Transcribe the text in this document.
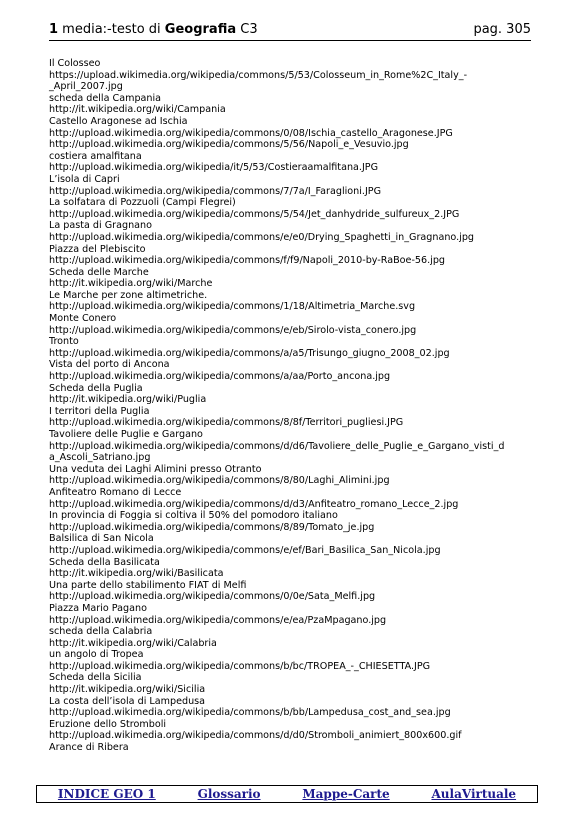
1 media:-testo di Geografia C3	pag. 305
Il Colosseo
https://upload.wikimedia.org/wikipedia/commons/5/53/Colosseum_in_Rome%2C_Italy_-
_April_2007.jpg
scheda della Campania
http://it.wikipedia.org/wiki/Campania
Castello Aragonese ad Ischia
http://upload.wikimedia.org/wikipedia/commons/0/08/Ischia_castello_Aragonese.JPG
http://upload.wikimedia.org/wikipedia/commons/5/56/Napoli_e_Vesuvio.jpg
costiera amalfitana
http://upload.wikimedia.org/wikipedia/it/5/53/Costieraamalfitana.JPG
L’isola di Capri
http://upload.wikimedia.org/wikipedia/commons/7/7a/I_Faraglioni.JPG
La solfatara di Pozzuoli (Campi Flegrei)
http://upload.wikimedia.org/wikipedia/commons/5/54/Jet_danhydride_sulfureux_2.JPG
La pasta di Gragnano
http://upload.wikimedia.org/wikipedia/commons/e/e0/Drying_Spaghetti_in_Gragnano.jpg
Piazza del Plebiscito
http://upload.wikimedia.org/wikipedia/commons/f/f9/Napoli_2010-by-RaBoe-56.jpg
Scheda delle Marche
http://it.wikipedia.org/wiki/Marche
Le Marche per zone altimetriche.
http://upload.wikimedia.org/wikipedia/commons/1/18/Altimetria_Marche.svg
Monte Conero
http://upload.wikimedia.org/wikipedia/commons/e/eb/Sirolo-vista_conero.jpg
Tronto
http://upload.wikimedia.org/wikipedia/commons/a/a5/Trisungo_giugno_2008_02.jpg
Vista del porto di Ancona
http://upload.wikimedia.org/wikipedia/commons/a/aa/Porto_ancona.jpg
Scheda della Puglia
http://it.wikipedia.org/wiki/Puglia
I territori della Puglia
http://upload.wikimedia.org/wikipedia/commons/8/8f/Territori_pugliesi.JPG
Tavoliere delle Puglie e Gargano
http://upload.wikimedia.org/wikipedia/commons/d/d6/Tavoliere_delle_Puglie_e_Gargano_visti_d
a_Ascoli_Satriano.jpg
Una veduta dei Laghi Alimini presso Otranto
http://upload.wikimedia.org/wikipedia/commons/8/80/Laghi_Alimini.jpg
Anfiteatro Romano di Lecce
http://upload.wikimedia.org/wikipedia/commons/d/d3/Anfiteatro_romano_Lecce_2.jpg
In provincia di Foggia si coltiva il 50% del pomodoro italiano
http://upload.wikimedia.org/wikipedia/commons/8/89/Tomato_je.jpg
Balsilica di San Nicola
http://upload.wikimedia.org/wikipedia/commons/e/ef/Bari_Basilica_San_Nicola.jpg
Scheda della Basilicata
http://it.wikipedia.org/wiki/Basilicata
Una parte dello stabilimento FIAT di Melfi
http://upload.wikimedia.org/wikipedia/commons/0/0e/Sata_Melfi.jpg
Piazza Mario Pagano
http://upload.wikimedia.org/wikipedia/commons/e/ea/PzaMpagano.jpg
scheda della Calabria
http://it.wikipedia.org/wiki/Calabria
un angolo di Tropea
http://upload.wikimedia.org/wikipedia/commons/b/bc/TROPEA_-_CHIESETTA.JPG
Scheda della Sicilia
http://it.wikipedia.org/wiki/Sicilia
La costa dell’isola di Lampedusa
http://upload.wikimedia.org/wikipedia/commons/b/bb/Lampedusa_cost_and_sea.jpg
Eruzione dello Stromboli
http://upload.wikimedia.org/wikipedia/commons/d/d0/Stromboli_animiert_800x600.gif
Arance di Ribera
INDICE GEO 1	Glossario	Mappe-Carte	AulaVirtuale
